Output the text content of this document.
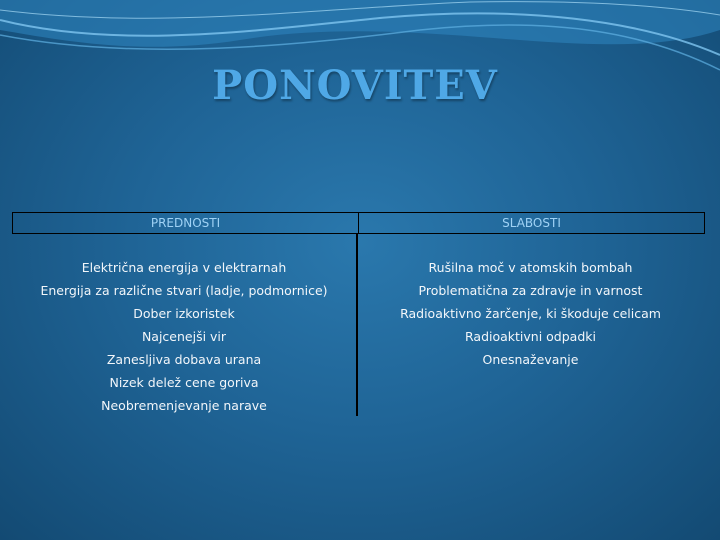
PONOVITEV
PREDNOSTI	SLABOSTI
Električna energija v elektrarnah
Energija za različne stvari (ladje, podmornice)
Dober izkoristek
Najcenejši vir
Zanesljiva dobava urana
Nizek delež cene goriva
Neobremenjevanje narave
Rušilna moč v atomskih bombah
Problematična za zdravje in varnost
Radioaktivno žarčenje, ki škoduje celicam
Radioaktivni odpadki
Onesnaževanje
